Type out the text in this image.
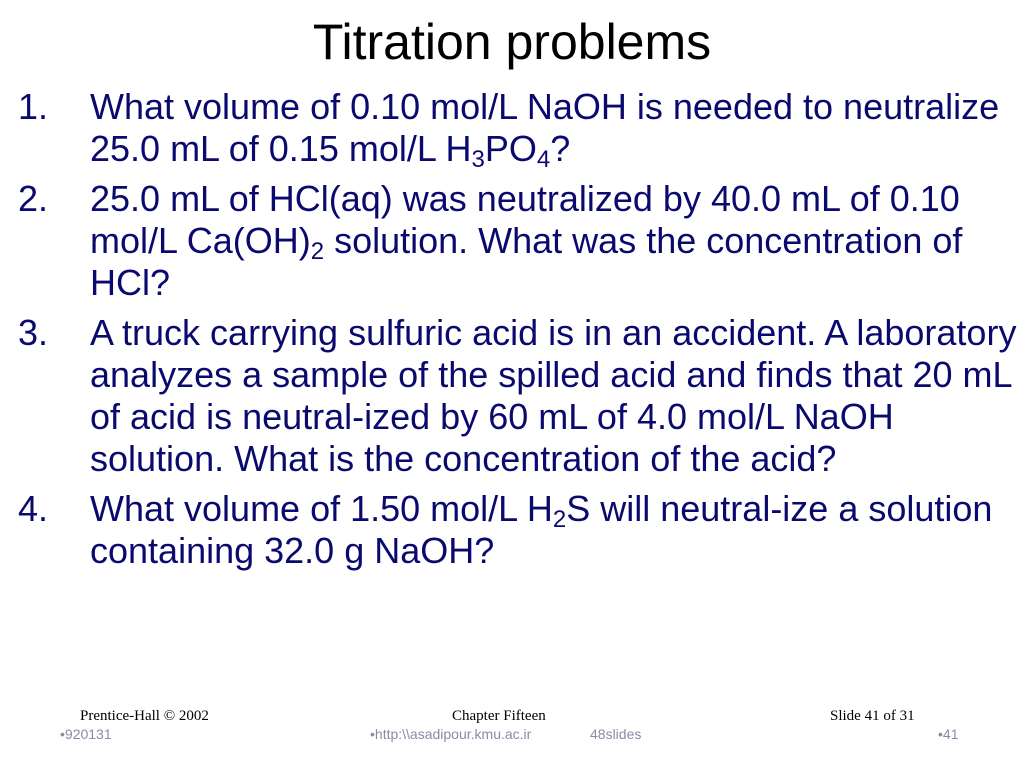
Titration problems
1.	What volume of 0.10 mol/L NaOH is needed to neutralize 25.0 mL of 0.15 mol/L $H_3PO_4$?
2.	25.0 mL of HCl(aq) was neutralized by 40.0 mL of 0.10 mol/L $Ca(OH)_2$ solution. What was the concentration of HCl?
3.	A truck carrying sulfuric acid is in an accident. A laboratory analyzes a sample of the spilled acid and finds that 20 mL of acid is neutral-ized by 60 mL of 4.0 mol/L NaOH solution. What is the concentration of the acid?
4.	What volume of 1.50 mol/L $H_2S$ will neutral-ize a solution containing 32.0 g NaOH?
Prentice-Hall © 2002	Chapter Fifteen	Slide 41 of 31
•920131	•http:\\asadipour.kmu.ac.ir	48slides	•41
